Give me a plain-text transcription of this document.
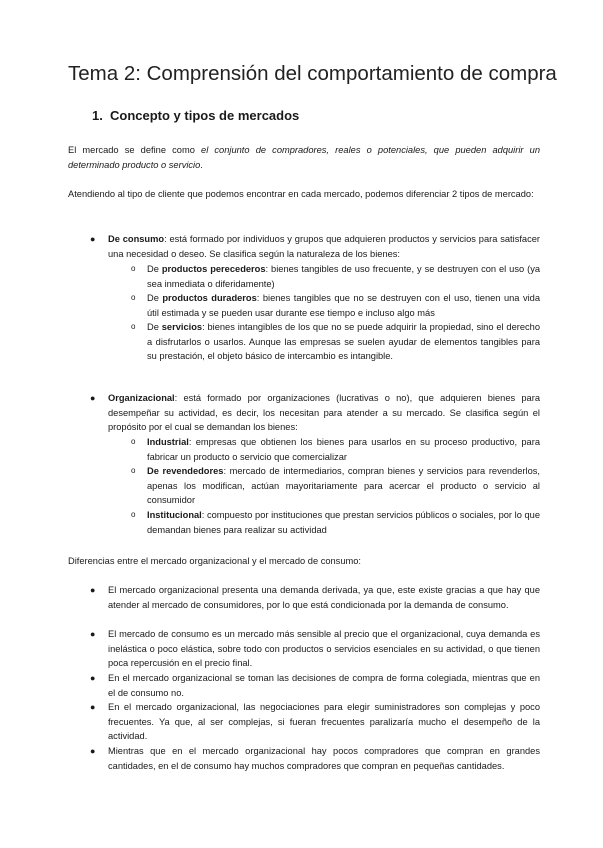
Tema 2: Comprensión del comportamiento de compra
1. Concepto y tipos de mercados

El mercado se define como el conjunto de compradores, reales o potenciales, que pueden adquirir un determinado producto o servicio.

Atendiendo al tipo de cliente que podemos encontrar en cada mercado, podemos diferenciar 2 tipos de mercado:

● De consumo: está formado por individuos y grupos que adquieren productos y servicios para satisfacer una necesidad o deseo. Se clasifica según la naturaleza de los bienes:

o De productos perecederos: bienes tangibles de uso frecuente, y se destruyen con el uso (ya sea inmediata o diferidamente)

o De productos duraderos: bienes tangibles que no se destruyen con el uso, tienen una vida útil estimada y se pueden usar durante ese tiempo e incluso algo más

o De servicios: bienes intangibles de los que no se puede adquirir la propiedad, sino el derecho a disfrutarlos o usarlos. Aunque las empresas se suelen ayudar de elementos tangibles para su prestación, el objeto básico de intercambio es intangible.

● Organizacional: está formado por organizaciones (lucrativas o no), que adquieren bienes para desempeñar su actividad, es decir, los necesitan para atender a su mercado. Se clasifica según el propósito por el cual se demandan los bienes:

o Industrial: empresas que obtienen los bienes para usarlos en su proceso productivo, para fabricar un producto o servicio que comercializar

o De revendedores: mercado de intermediarios, compran bienes y servicios para revenderlos, apenas los modifican, actúan mayoritariamente para acercar el producto o servicio al consumidor

o Institucional: compuesto por instituciones que prestan servicios públicos o sociales, por lo que demandan bienes para realizar su actividad

Diferencias entre el mercado organizacional y el mercado de consumo:

● El mercado organizacional presenta una demanda derivada, ya que, este existe gracias a que hay que atender al mercado de consumidores, por lo que está condicionada por la demanda de consumo.

● El mercado de consumo es un mercado más sensible al precio que el organizacional, cuya demanda es inelástica o poco elástica, sobre todo con productos o servicios esenciales en su actividad, o que tienen poca repercusión en el precio final.

● En el mercado organizacional se toman las decisiones de compra de forma colegiada, mientras que en el de consumo no.

● En el mercado organizacional, las negociaciones para elegir suministradores son complejas y poco frecuentes. Ya que, al ser complejas, si fueran frecuentes paralizaría mucho el desempeño de la actividad.

● Mientras que en el mercado organizacional hay pocos compradores que compran en grandes cantidades, en el de consumo hay muchos compradores que compran en pequeñas cantidades.
